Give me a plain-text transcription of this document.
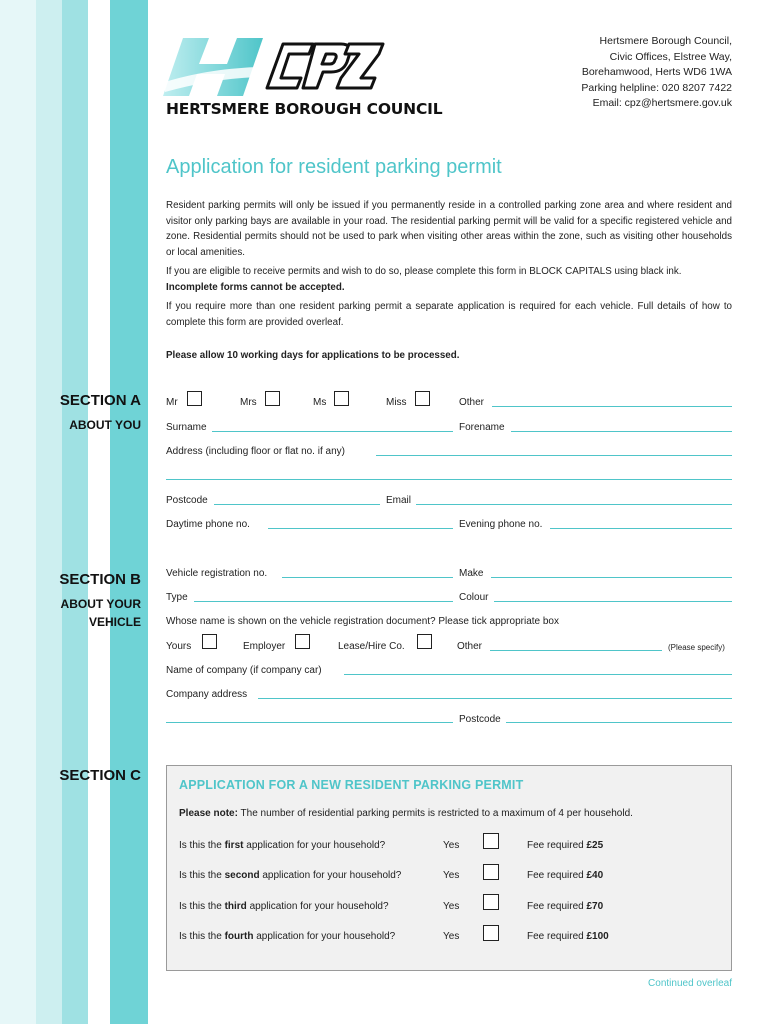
HERTSMERE BOROUGH COUNCIL
Hertsmere Borough Council,
Civic Offices, Elstree Way,
Borehamwood, Herts WD6 1WA
Parking helpline: 020 8207 7422
Email: cpz@hertsmere.gov.uk
Application for resident parking permit

Resident parking permits will only be issued if you permanently reside in a controlled parking zone area and where resident and visitor only parking bays are available in your road. The residential parking permit will be valid for a specific registered vehicle and zone. Residential permits should not be used to park when visiting other areas within the zone, such as visiting other households or local amenities.

If you are eligible to receive permits and wish to do so, please complete this form in BLOCK CAPITALS using black ink.
Incomplete forms cannot be accepted.

If you require more than one resident parking permit a separate application is required for each vehicle. Full details of how to complete this form are provided overleaf.

Please allow 10 working days for applications to be processed.
SECTION A
ABOUT YOU
Mr	Mrs	Ms	Miss	Other
Surname	Forename
Address (including floor or flat no. if any)
Postcode	Email
Daytime phone no.	Evening phone no.
SECTION B
ABOUT YOUR
VEHICLE
Vehicle registration no.	Make
Type	Colour
Whose name is shown on the vehicle registration document? Please tick appropriate box
Yours	Employer	Lease/Hire Co.	Other	(Please specify)
Name of company (if company car)
Company address
Postcode
SECTION C
APPLICATION FOR A NEW RESIDENT PARKING PERMIT
Please note: The number of residential parking permits is restricted to a maximum of 4 per household.
Is this the first application for your household?	Yes	Fee required £25
Is this the second application for your household?	Yes	Fee required £40
Is this the third application for your household?	Yes	Fee required £70
Is this the fourth application for your household?	Yes	Fee required £100
Continued overleaf
